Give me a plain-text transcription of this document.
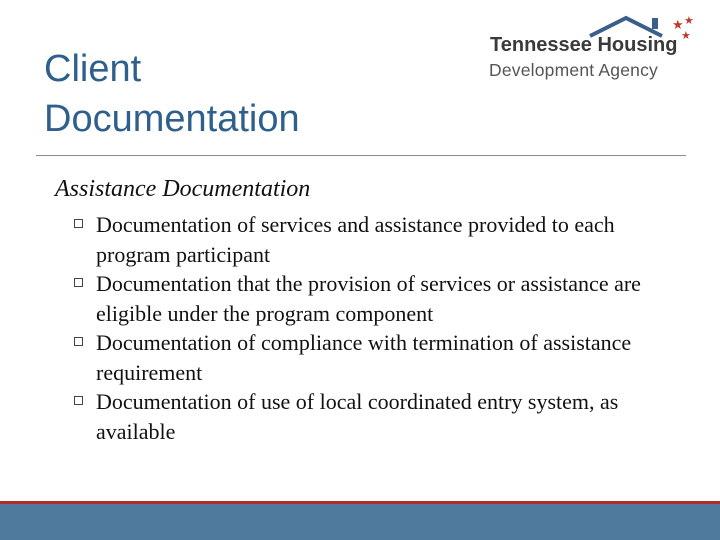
Client
Documentation
★ ★
★
Tennessee Housing
Development Agency
Assistance Documentation
Documentation of services and assistance provided to each program participant
Documentation that the provision of services or assistance are eligible under the program component
Documentation of compliance with termination of assistance requirement
Documentation of use of local coordinated entry system, as available
